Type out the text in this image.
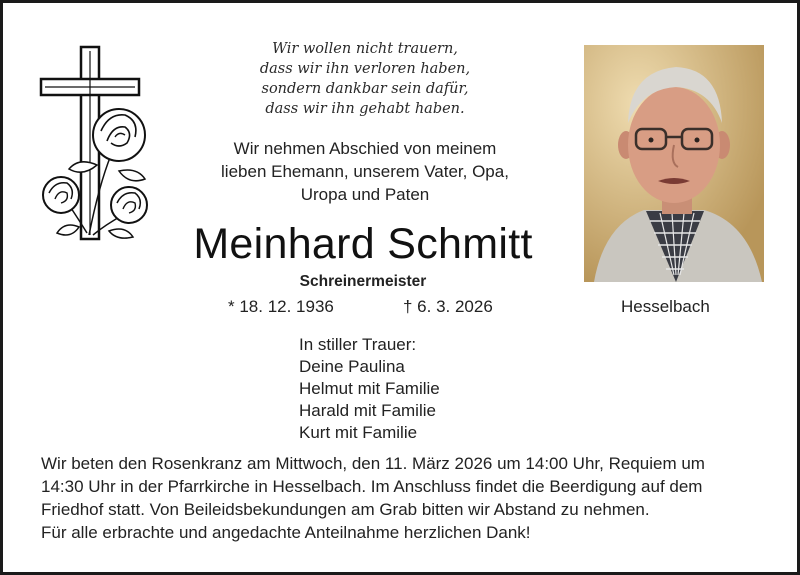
Wir wollen nicht trauern,
dass wir ihn verloren haben,
sondern dankbar sein dafür,
dass wir ihn gehabt haben.
Wir nehmen Abschied von meinem
lieben Ehemann, unserem Vater, Opa,
Uropa und Paten
Meinhard Schmitt
Schreinermeister
* 18. 12. 1936	† 6. 3. 2026	Hesselbach
In stiller Trauer:
Deine Paulina
Helmut mit Familie
Harald mit Familie
Kurt mit Familie
Wir beten den Rosenkranz am Mittwoch, den 11. März 2026 um 14:00 Uhr, Requiem um
14:30 Uhr in der Pfarrkirche in Hesselbach. Im Anschluss findet die Beerdigung auf dem
Friedhof statt. Von Beileidsbekundungen am Grab bitten wir Abstand zu nehmen.
Für alle erbrachte und angedachte Anteilnahme herzlichen Dank!
